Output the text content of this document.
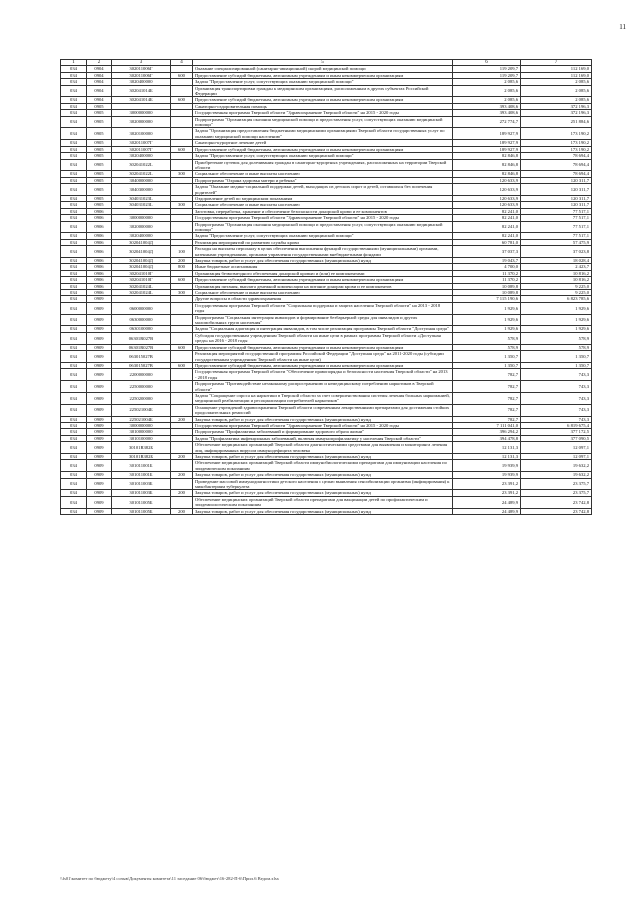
11
1	2	3	4	5	6	7
034	0904	302011006Г		Оказание специализированной (санитарно-авиационной) скорой медицинской помощи	119 209,7	112 169,0
034	0904	302011006Г	600	Предоставление субсидий бюджетным, автономным учреждениям и иным некоммерческим организациям	119 209,7	112 169,0
034	0904	3020400000		Задача "Предоставление услуг, сопутствующих оказанию медицинской помощи"	2 085,6	2 085,6
034	0904	302041014Б		Организация транспортировки граждан к медицинским организациям, расположенным в других субъектах Российской Федерации	2 085,6	2 085,6
034	0904	302041014Б	600	Предоставление субсидий бюджетным, автономным учреждениям и иным некоммерческим организациям	2 085,6	2 085,6
034	0905			Санаторно-оздоровительная помощь	393 408,6	372 196,3
034	0905	3000000000		Государственная программа Тверской области "Здравоохранение Тверской области" на 2015 - 2020 годы	393 408,6	372 196,3
034	0905	3020000000		Подпрограмма "Организация оказания медицинской помощи и предоставления услуг, сопутствующих оказанию медицинской помощи"	272 774,7	251 884,6
034	0905	3020100000		Задача "Организация предоставления бюджетными медицинскими организациями Тверской области государственных услуг по оказанию медицинской помощи населению"	189 927,9	173 190,2
034	0905	302011007Г		Санаторно-курортное лечение детей	189 927,9	173 190,2
034	0905	302011007Г	600	Предоставление субсидий бюджетным, автономным учреждениям и иным некоммерческим организациям	189 927,9	173 190,2
034	0905	3020400000		Задача "Предоставление услуг, сопутствующих оказанию медицинской помощи"	82 846,8	78 694,4
034	0905	302041022L		Приобретение путевок для долечивания граждан в санаторно-курортных учреждениях, расположенных на территории Тверской области	82 846,8	78 694,4
034	0905	302041022L	300	Социальное обеспечение и иные выплаты населению	82 846,8	78 694,4
034	0905	3040000000		Подпрограмма "Охрана здоровья матери и ребенка"	120 633,9	120 311,7
034	0905	3040300000		Задача "Оказание медико-социальной поддержки детей, выходящих из детских сирот и детей, оставшихся без попечения родителей"	120 633,9	120 311,7
034	0905	304031023L		Оздоровление детей по медицинским показаниям	120 633,9	120 311,7
034	0905	304031023L	300	Социальное обеспечение и иные выплаты населению	120 633,9	120 311,7
034	0906			Заготовка, переработка, хранение и обеспечение безопасности донорской крови и ее компонентов	82 241,0	77 517,1
034	0906	3000000000		Государственная программа Тверской области "Здравоохранение Тверской области" на 2015 - 2020 годы	82 241,0	77 517,1
034	0906	3020000000		Подпрограмма "Организация оказания медицинской помощи и предоставления услуг, сопутствующих оказанию медицинской помощи"	82 241,0	77 517,1
034	0906	3020400000		Задача "Предоставление услуг, сопутствующих оказанию медицинской помощи"	82 241,0	77 517,1
034	0906	302041004Д		Реализация мероприятий по развитию службы крови	60 781,0	57 475,9
034	0906	302041004Д	100	Расходы на выплаты персоналу в целях обеспечения выполнения функций государственными (муниципальными) органами, казенными учреждениями, органами управления государственными внебюджетными фондами	37 037,3	37 023,8
034	0906	302041004Д	200	Закупка товаров, работ и услуг для обеспечения государственных (муниципальных) нужд	19 043,7	18 028,4
034	0906	302041004Д	800	Иные бюджетные ассигнования	4 700,0	2 423,7
034	0906	302041010Г		Организация безвозмездного обеспечения донорской кровью и (или) ее компонентами	11 370,2	10 816,2
034	0906	302041010Г	600	Предоставление субсидий бюджетным, автономным учреждениям и иным некоммерческим организациям	11 370,2	10 816,2
034	0906	302041024L		Организация питания, выплата денежной компенсации на питание донорам крови и ее компонентов	10 089,8	9 225,0
034	0906	302041024L	300	Социальное обеспечение и иные выплаты населению	10 089,8	9 225,0
034	0909			Другие вопросы в области здравоохранения	7 115 190,6	6 823 785,6
034	0909	0600000000		Государственная программа Тверской области "Социальная поддержка и защита населения Тверской области" на 2013 - 2018 годы	1 929,6	1 929,6
034	0909	0630000000		Подпрограмма "Социальная интеграция инвалидов и формирование безбарьерной среды для инвалидов и других маломобильных групп населения"	1 929,6	1 929,6
034	0909	0630100000		Задача "Социальная адаптация и интеграция инвалидов, в том числе реализация программы Тверской области "Доступная среда"	1 929,6	1 929,6
034	0909	06301R027B		Субсидия государственным учреждениям Тверской области на иные цели в рамках программы Тверской области «Доступная среда» на 2016 - 2018 годы	578,9	578,9
034	0909	06301R027B	600	Предоставление субсидий бюджетным, автономным учреждениям и иным некоммерческим организациям	578,9	578,9
034	0909	063015027B		Реализация мероприятий государственной программы Российской Федерации "Доступная среда" на 2011-2020 годы (субсидии государственным учреждениям Тверской области на иные цели)	1 350,7	1 350,7
034	0909	063015027B	600	Предоставление субсидий бюджетным, автономным учреждениям и иным некоммерческим организациям	1 350,7	1 350,7
034	0909	2200000000		Государственная программа Тверской области "Обеспечение правопорядка и безопасности населения Тверской области" на 2013 - 2018 годы	782,7	743,3
034	0909	2250000000		Подпрограмма "Противодействие незаконному распространению и немедицинскому потреблению наркотиков в Тверской области"	782,7	743,3
034	0909	2250200000		Задача "Сокращение спроса на наркотики в Тверской области за счет совершенствования системы лечения больных наркоманией, медицинской реабилитации и ресоциализации потребителей наркотиков"	782,7	743,3
034	0909	225021004Б		Оснащение учреждений здравоохранения Тверской области современным лекарственными препаратами для достижения стойких продолжительных ремиссий	782,7	743,3
034	0909	225021004Б	200	Закупка товаров, работ и услуг для обеспечения государственных (муниципальных) нужд	782,7	743,3
034	0909	3000000000		Государственная программа Тверской области "Здравоохранение Тверской области" на 2015 - 2020 годы	7 111 041,0	6 819 675,4
034	0909	3010000000		Подпрограмма "Профилактика заболеваний и формирование здорового образа жизни"	396 294,2	377 172,5
034	0909	3010100000		Задача "Профилактика инфекционных заболеваний, включая иммунопрофилактику у населения Тверской области"	394 478,8	377 090,5
034	0909	30101R382Б		Обеспечение медицинских организаций Тверской области диагностическими средствами для выявления и мониторинга лечения лиц, инфицированных вирусом иммунодефицита человека	12 131,3	12 097,1
034	0909	30101R382Б	200	Закупка товаров, работ и услуг для обеспечения государственных (муниципальных) нужд	12 131,3	12 097,1
034	0909	301011001Б		Обеспечение медицинских организаций Тверской области иммунобиологическими препаратами для иммунизации населения по эпидемическим показаниям	19 939,9	19 632,2
034	0909	301011001Б	200	Закупка товаров, работ и услуг для обеспечения государственных (муниципальных) нужд	19 939,9	19 632,2
034	0909	301011003Б		Проведение массовой иммунодиагностики детского населения с целью выявления сенсибилизации организма (инфицирования) к микобактериям туберкулеза	23 391,2	23 375,7
034	0909	301011003Б	200	Закупка товаров, работ и услуг для обеспечения государственных (муниципальных) нужд	23 391,2	23 375,7
034	0909	301011005Б		Обеспечение медицинских организаций Тверской области препаратами для вакцинации детей по профилактическим и эпидемиологическим показаниям	24 489,9	23 742,8
034	0909	301011005Б	200	Закупка товаров, работ и услуг для обеспечения государственных (муниципальных) нужд	24 489,9	23 742,8
\\fs01\комитет по бюджету\4 созыв\Документы комитета\11 заседание 06\бюджет\16-282-П-6\Прил.6 Ведом.xlsx
